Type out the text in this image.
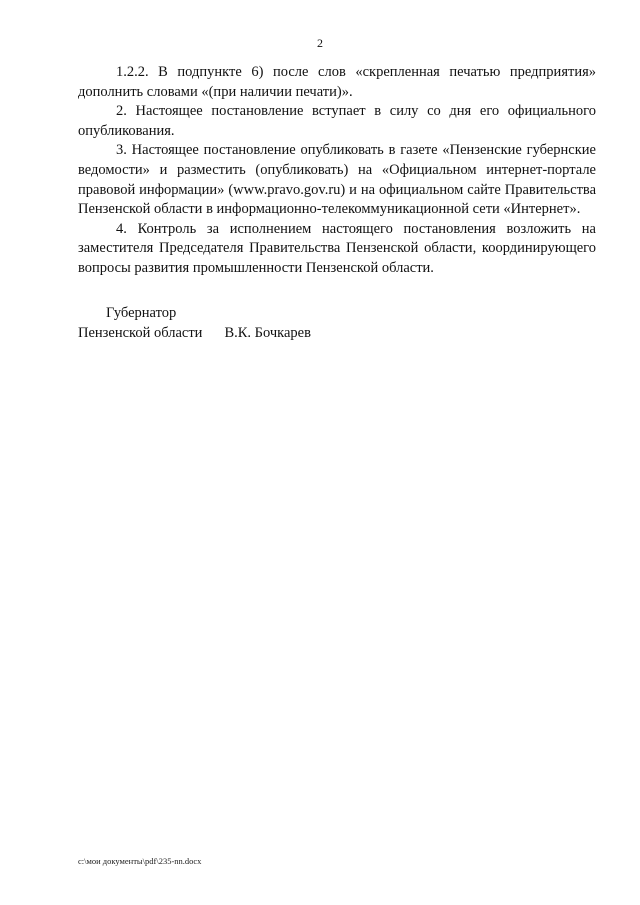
2

1.2.2. В подпункте 6) после слов «скрепленная печатью предприятия» дополнить словами «(при наличии печати)».

2. Настоящее постановление вступает в силу со дня его официального опубликования.

3. Настоящее постановление опубликовать в газете «Пензенские губернские ведомости» и разместить (опубликовать) на «Официальном интернет-портале правовой информации» (www.pravo.gov.ru) и на официальном сайте Правительства Пензенской области в информационно-телекоммуникационной сети «Интернет».

4. Контроль за исполнением настоящего постановления возложить на заместителя Председателя Правительства Пензенской области, координирующего вопросы развития промышленности Пензенской области.

Губернатор
Пензенской области В.К. Бочкарев
c:\мои документы\pdf\235-nn.docx
